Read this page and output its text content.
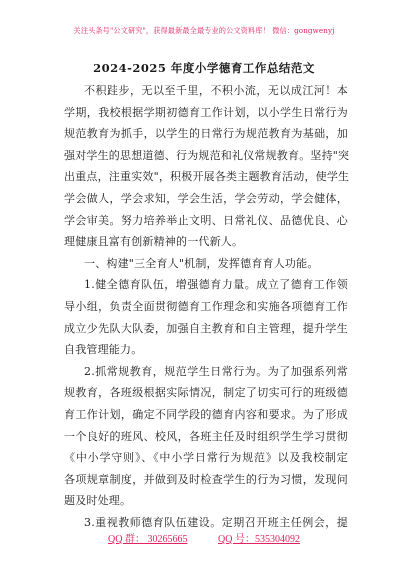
关注头条号"公文研究"，获得最新最全最专业的公文资料库！ 微信：gongwenyj
2024-2025 年度小学德育工作总结范文
不积跬步，无以至千里，不积小流，无以成江河！本
学期，我校根据学期初德育工作计划，以小学生日常行为
规范教育为抓手，以学生的日常行为规范教育为基础，加
强对学生的思想道德、行为规范和礼仪常规教育。坚持"突
出重点，注重实效"，积极开展各类主题教育活动，使学生
学会做人，学会求知，学会生活，学会劳动，学会健体，
学会审美。努力培养举止文明、日常礼仪、品德优良、心
理健康且富有创新精神的一代新人。
一、构建"三全育人"机制，发挥德育育人功能。
1.健全德育队伍，增强德育力量。成立了德育工作领
导小组，负责全面贯彻德育工作理念和实施各项德育工作
成立少先队大队委，加强自主教育和自主管理，提升学生
自我管理能力。
2.抓常规教育，规范学生日常行为。为了加强系列常
规教育，各班级根据实际情况，制定了切实可行的班级德
育工作计划，确定不同学段的德育内容和要求。为了形成
一个良好的班风、校风，各班主任及时组织学生学习贯彻
《中小学守则》、《中小学日常行为规范》以及我校制定
各项规章制度，并做到及时检查学生的行为习惯，发现问
题及时处理。
3.重视教师德育队伍建设。定期召开班主任例会，提
QQ 群： 30265665	QQ 号：535304092
